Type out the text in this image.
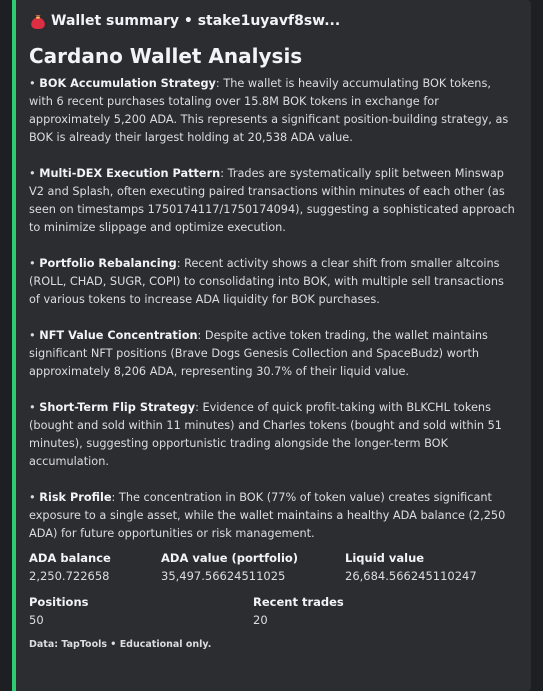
Wallet summary • stake1uyavf8sw...
Cardano Wallet Analysis
• BOK Accumulation Strategy: The wallet is heavily accumulating BOK tokens, with 6 recent purchases totaling over 15.8M BOK tokens in exchange for approximately 5,200 ADA. This represents a significant position-building strategy, as BOK is already their largest holding at 20,538 ADA value.
• Multi-DEX Execution Pattern: Trades are systematically split between Minswap V2 and Splash, often executing paired transactions within minutes of each other (as seen on timestamps 1750174117/1750174094), suggesting a sophisticated approach to minimize slippage and optimize execution.
• Portfolio Rebalancing: Recent activity shows a clear shift from smaller altcoins (ROLL, CHAD, SUGR, COPI) to consolidating into BOK, with multiple sell transactions of various tokens to increase ADA liquidity for BOK purchases.
• NFT Value Concentration: Despite active token trading, the wallet maintains significant NFT positions (Brave Dogs Genesis Collection and SpaceBudz) worth approximately 8,206 ADA, representing 30.7% of their liquid value.
• Short-Term Flip Strategy: Evidence of quick profit-taking with BLKCHL tokens (bought and sold within 11 minutes) and Charles tokens (bought and sold within 51 minutes), suggesting opportunistic trading alongside the longer-term BOK accumulation.
• Risk Profile: The concentration in BOK (77% of token value) creates significant exposure to a single asset, while the wallet maintains a healthy ADA balance (2,250 ADA) for future opportunities or risk management.
ADA balance
2,250.722658
ADA value (portfolio)
35,497.56624511025
Liquid value
26,684.566245110247
Positions
50
Recent trades
20
Data: TapTools • Educational only.
